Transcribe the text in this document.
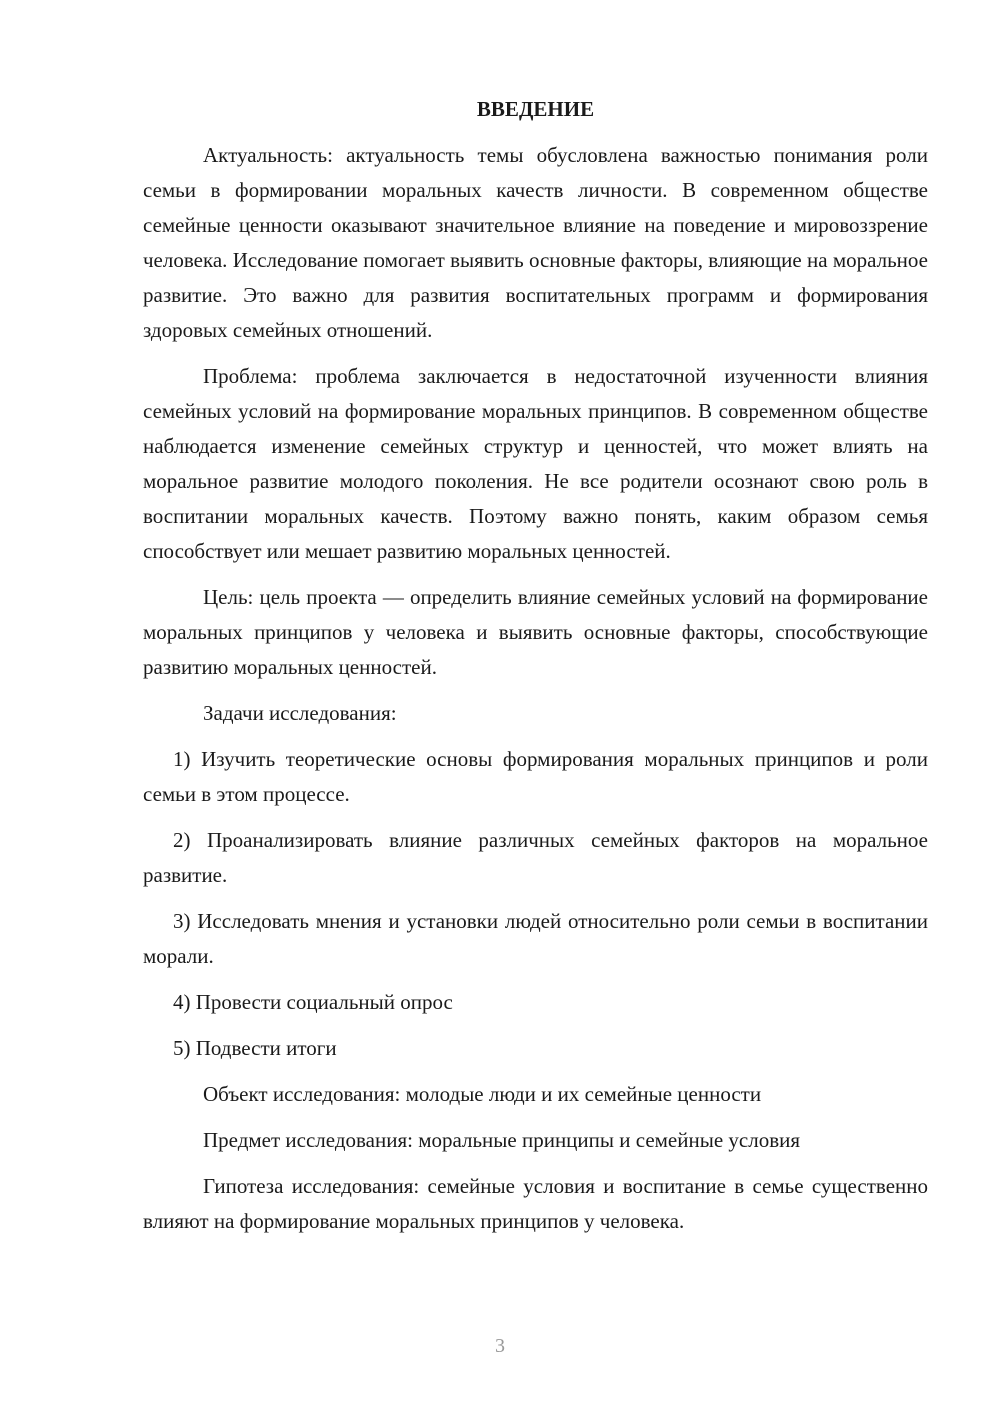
ВВЕДЕНИЕ

Актуальность: актуальность темы обусловлена важностью понимания роли семьи в формировании моральных качеств личности. В современном обществе семейные ценности оказывают значительное влияние на поведение и мировоззрение человека. Исследование помогает выявить основные факторы, влияющие на моральное развитие. Это важно для развития воспитательных программ и формирования здоровых семейных отношений.

Проблема: проблема заключается в недостаточной изученности влияния семейных условий на формирование моральных принципов. В современном обществе наблюдается изменение семейных структур и ценностей, что может влиять на моральное развитие молодого поколения. Не все родители осознают свою роль в воспитании моральных качеств. Поэтому важно понять, каким образом семья способствует или мешает развитию моральных ценностей.

Цель: цель проекта — определить влияние семейных условий на формирование моральных принципов у человека и выявить основные факторы, способствующие развитию моральных ценностей.

Задачи исследования:

1) Изучить теоретические основы формирования моральных принципов и роли семьи в этом процессе.

2) Проанализировать влияние различных семейных факторов на моральное развитие.

3) Исследовать мнения и установки людей относительно роли семьи в воспитании морали.

4) Провести социальный опрос

5) Подвести итоги

Объект исследования: молодые люди и их семейные ценности

Предмет исследования: моральные принципы и семейные условия

Гипотеза исследования: семейные условия и воспитание в семье существенно влияют на формирование моральных принципов у человека.

3
